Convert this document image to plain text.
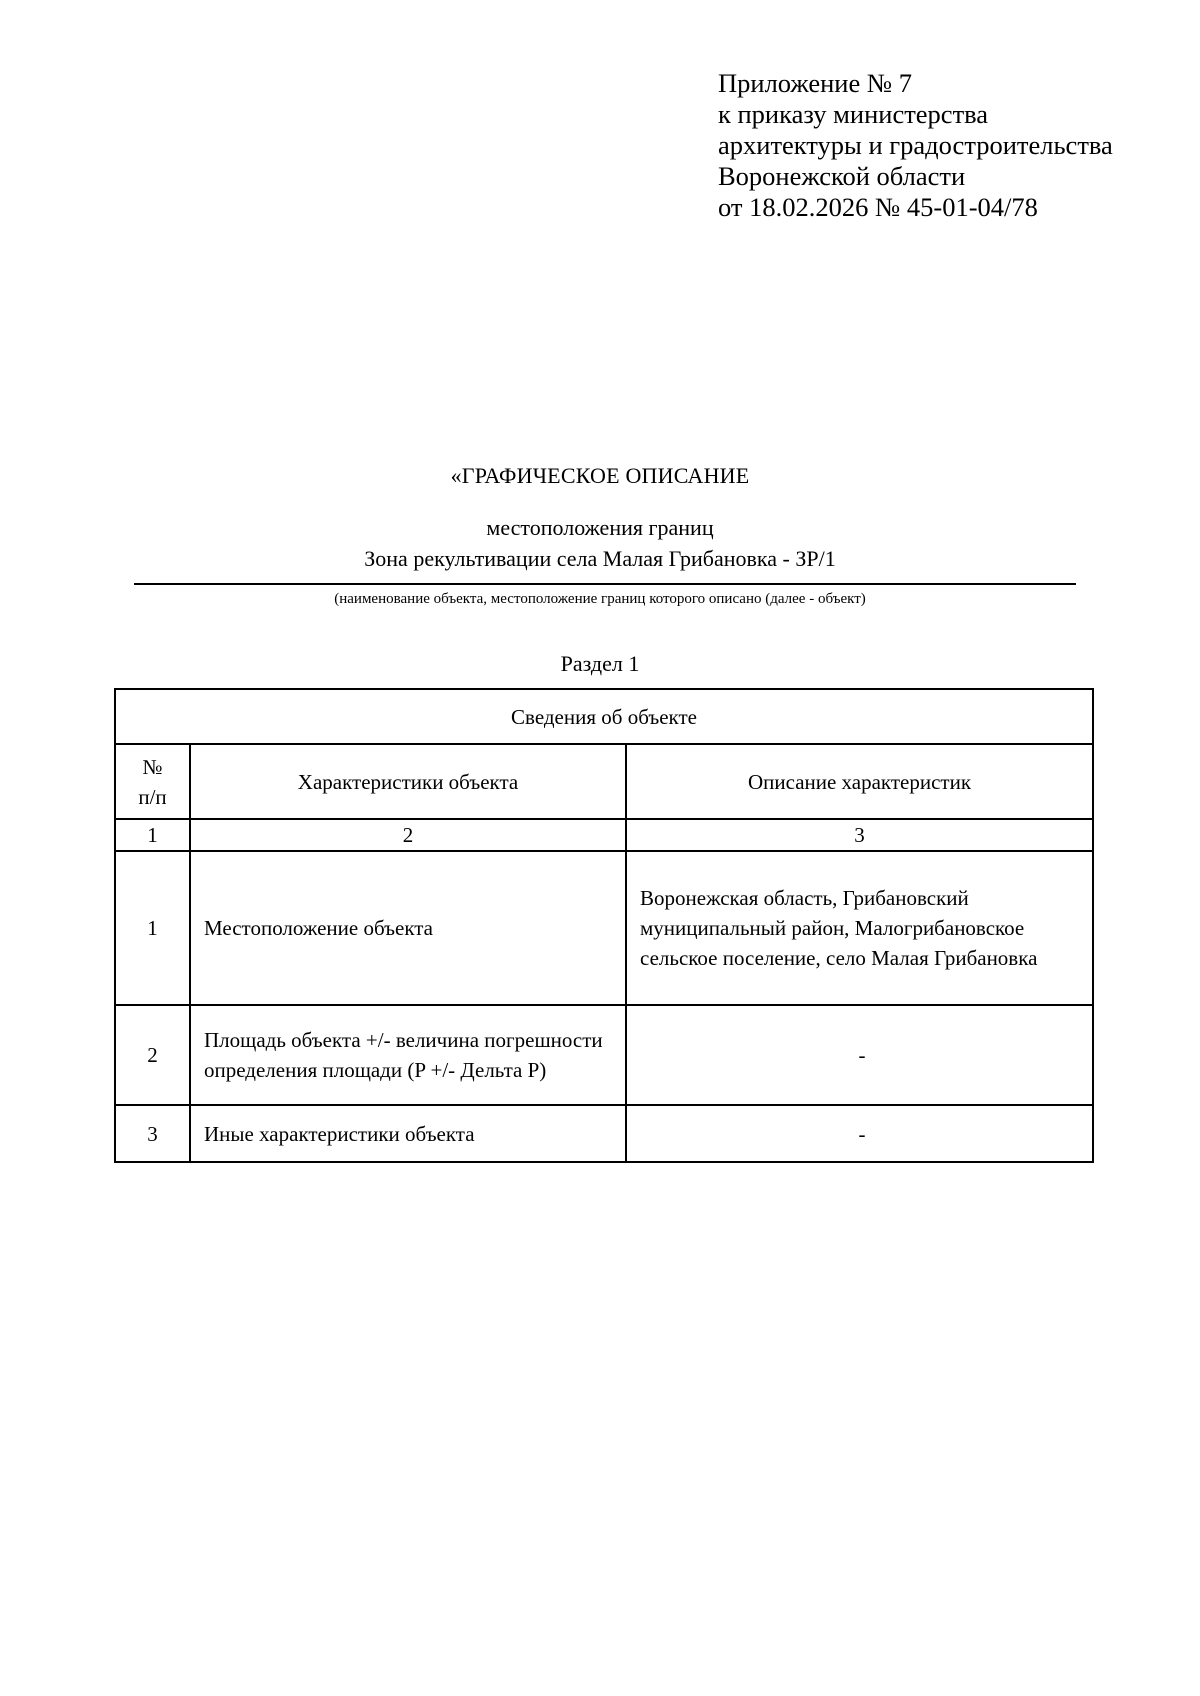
Приложение № 7
к приказу министерства
архитектуры и градостроительства
Воронежской области
от 18.02.2026 № 45-01-04/78
«ГРАФИЧЕСКОЕ ОПИСАНИЕ
местоположения границ
Зона рекультивации села Малая Грибановка - ЗР/1
(наименование объекта, местоположение границ которого описано (далее - объект)
Раздел 1
Сведения об объекте		

№
п/п	Характеристики объекта	Описание характеристик
1	2	3
1	Местоположение объекта	Воронежская область, Грибановский муниципальный район, Малогрибановское сельское поселение, село Малая Грибановка
2	Площадь объекта +/- величина погрешности определения площади (P +/- Дельта P)	-
3	Иные характеристики объекта	-
